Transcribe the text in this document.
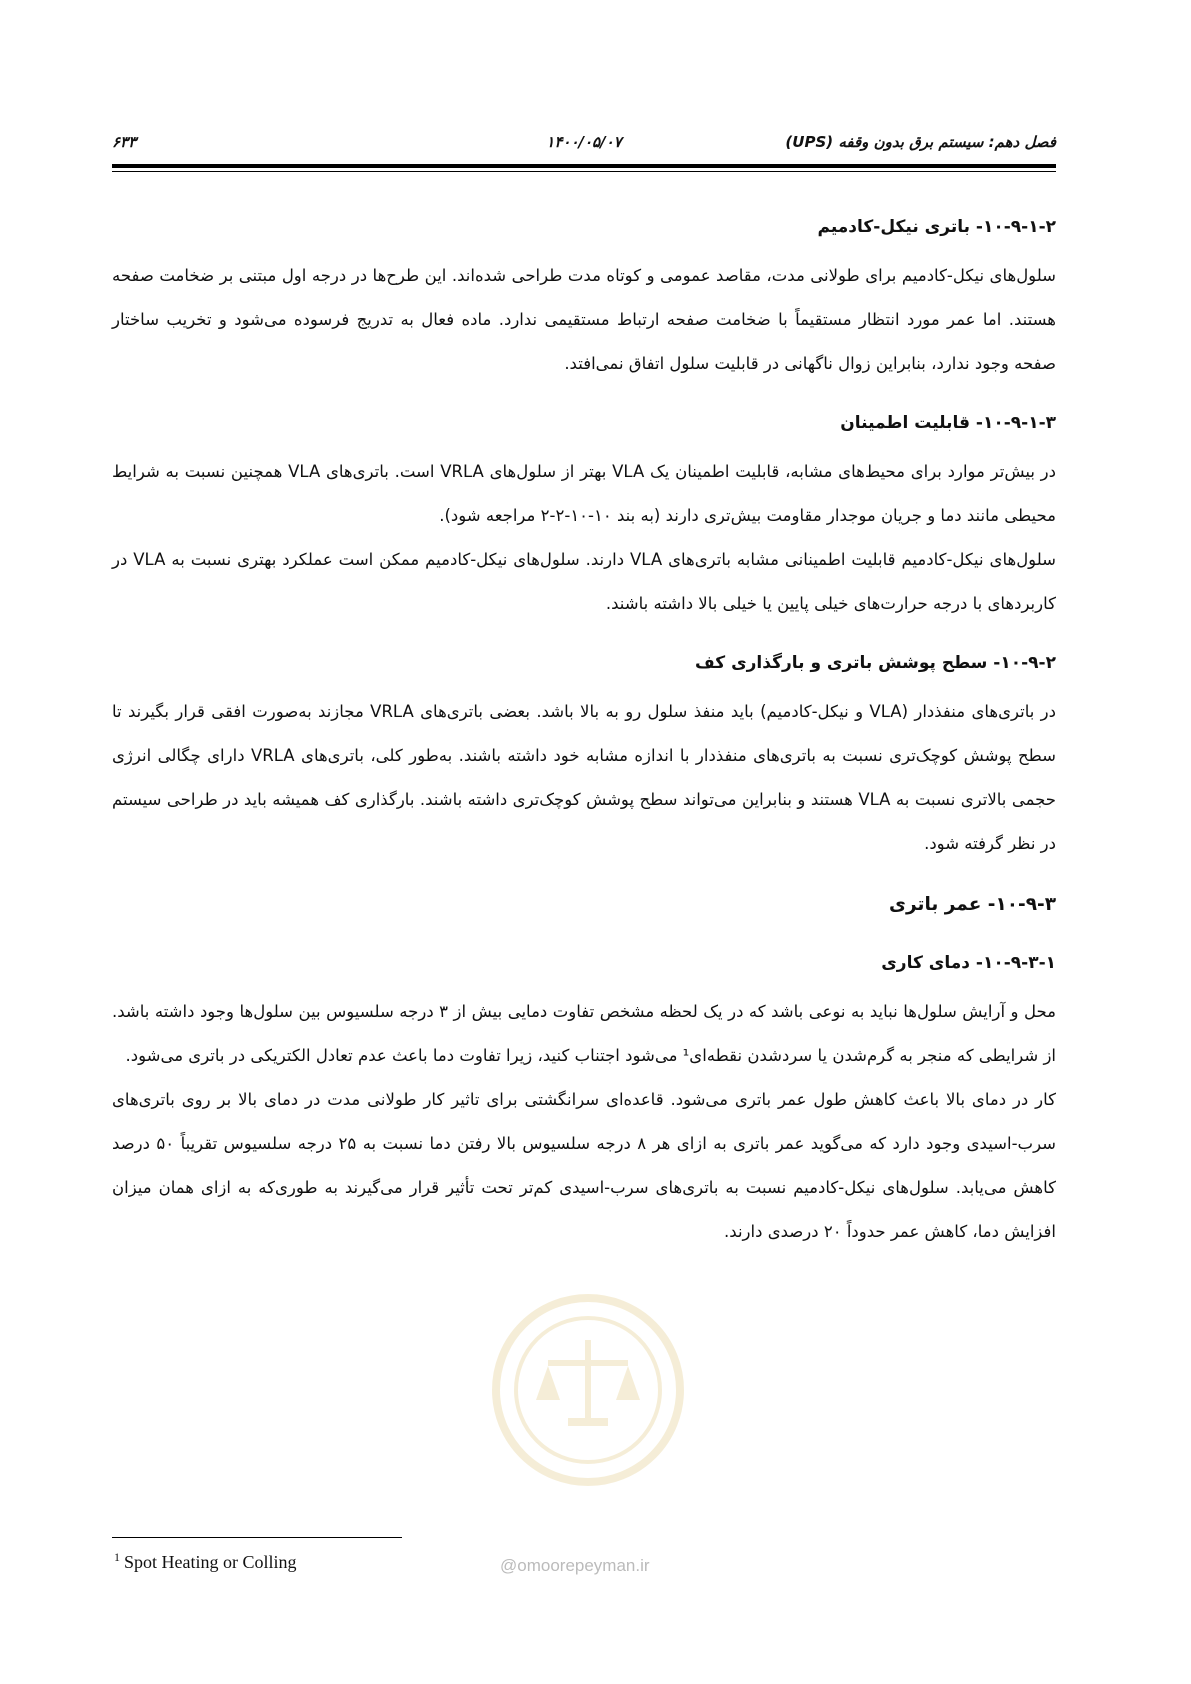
فصل دهم: سیستم برق بدون وقفه (UPS)
۱۴۰۰/۰۵/۰۷
۶۳۳
۱۰-۹-۱-۲- باتری نیکل-کادمیم

سلول‌های نیکل-کادمیم برای طولانی مدت، مقاصد عمومی و کوتاه مدت طراحی شده‌اند. این طرح‌ها در درجه اول مبتنی بر ضخامت صفحه هستند. اما عمر مورد انتظار مستقیماً با ضخامت صفحه ارتباط مستقیمی ندارد. ماده فعال به تدریج فرسوده می‌شود و تخریب ساختار صفحه وجود ندارد، بنابراین زوال ناگهانی در قابلیت سلول اتفاق نمی‌افتد.

۱۰-۹-۱-۳- قابلیت اطمینان

در بیش‌تر موارد برای محیط‌های مشابه، قابلیت اطمینان یک VLA بهتر از سلول‌های VRLA است. باتری‌های VLA همچنین نسبت به شرایط محیطی مانند دما و جریان موجدار مقاومت بیش‌تری دارند (به بند ۱۰-۱۰-۲-۲ مراجعه شود).

سلول‌های نیکل-کادمیم قابلیت اطمینانی مشابه باتری‌های VLA دارند. سلول‌های نیکل-کادمیم ممکن است عملکرد بهتری نسبت به VLA در کاربردهای با درجه حرارت‌های خیلی پایین یا خیلی بالا داشته باشند.

۱۰-۹-۲- سطح پوشش باتری و بارگذاری کف

در باتری‌های منفذدار (VLA و نیکل-کادمیم) باید منفذ سلول رو به بالا باشد. بعضی باتری‌های VRLA مجازند به‌صورت افقی قرار بگیرند تا سطح پوشش کوچک‌تری نسبت به باتری‌های منفذدار با اندازه مشابه خود داشته باشند. به‌طور کلی، باتری‌های VRLA دارای چگالی انرژی حجمی بالاتری نسبت به VLA هستند و بنابراین می‌تواند سطح پوشش کوچک‌تری داشته باشند. بارگذاری کف همیشه باید در طراحی سیستم در نظر گرفته شود.

۱۰-۹-۳- عمر باتری
۱۰-۹-۳-۱- دمای کاری

محل و آرایش سلول‌ها نباید به نوعی باشد که در یک لحظه مشخص تفاوت دمایی بیش از ۳ درجه سلسیوس بین سلول‌ها وجود داشته باشد. از شرایطی که منجر به گرم‌شدن یا سردشدن نقطه‌ای¹ می‌شود اجتناب کنید، زیرا تفاوت دما باعث عدم تعادل الکتریکی در باتری می‌شود.

کار در دمای بالا باعث کاهش طول عمر باتری می‌شود. قاعده‌ای سرانگشتی برای تاثیر کار طولانی مدت در دمای بالا بر روی باتری‌های سرب-اسیدی وجود دارد که می‌گوید عمر باتری به ازای هر ۸ درجه سلسیوس بالا رفتن دما نسبت به ۲۵ درجه سلسیوس تقریباً ۵۰ درصد کاهش می‌یابد. سلول‌های نیکل-کادمیم نسبت به باتری‌های سرب-اسیدی کم‌تر تحت تأثیر قرار می‌گیرند به طوری‌که به ازای همان میزان افزایش دما، کاهش عمر حدوداً ۲۰ درصدی دارند.

@omoorepeyman.ir
$^1$ Spot Heating or Colling
